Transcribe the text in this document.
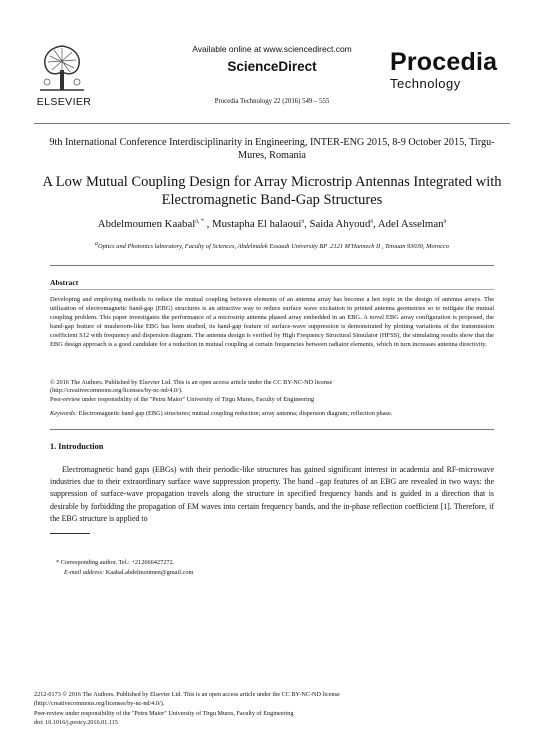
ELSEVIER
Available online at www.sciencedirect.com
ScienceDirect
Procedia Technology 22 (2016) 549 – 555
Procedia
Technology
9th International Conference Interdisciplinarity in Engineering, INTER-ENG 2015, 8-9 October 2015, Tirgu-Mures, Romania
A Low Mutual Coupling Design for Array Microstrip Antennas Integrated with Electromagnetic Band-Gap Structures
Abdelmoumen Kaabal$^{a, *}$ , Mustapha El halaoui$^a$, Saida Ahyoud$^a$, Adel Asselman$^a$
$^a$Optics and Photonics laboratory, Faculty of Sciences, Abdelmalek Essaadi University BP .2121 M'Hannech II , Tetouan 93030, Morocco
Abstract
Developing and employing methods to reduce the mutual coupling between elements of an antenna array has become a hot topic in the design of antenna arrays. The utilization of electromagnetic band-gap (EBG) structures is an attractive way to reduce surface wave excitation in printed antenna geometries so to mitigate the mutual coupling problem. This paper investigates the performance of a microstrip antenna phased array embedded in an EBG. A novel EBG array configuration is proposed, the band-gap feature of mushroom-like EBG has been studied, its band-gap feature of surface-wave suppression is demonstrated by plotting variations of the transmission coefficient S12 with frequency and dispersion diagram. The antenna design is verified by High Frequency Structural Simulator (HFSS), the simulating results show that the EBG design approach is a good candidate for a reduction in mutual coupling at certain frequencies between radiator elements, which in turn increases antenna directivity.
© 2016 The Authors. Published by Elsevier Ltd. This is an open access article under the CC BY-NC-ND license
(http://creativecommons.org/licenses/by-nc-nd/4.0/).
Peer-review under responsibility of the "Petru Maior" University of Tirgu Mures, Faculty of Engineering
Keywords: Electromagnetic band gap (EBG) structures; mutual coupling reduction; array antenna; dispersion diagram; reflection phase.
1. Introduction
Electromagnetic band gaps (EBGs) with their periodic-like structures has gained significant interest in academia and RF-microwave industries due to their extraordinary surface wave suppression property. The band –gap features of an EBG are revealed in two ways: the suppression of surface-wave propagation travels along the structure in specified frequency bands and is guided in a direction that is desirable by forbidding the propagation of EM waves into certain frequency bands, and the in-phase reflection coefficient [1]. Therefore, if the EBG structure is applied to
* Corresponding author. Tel.: +212666427272.
E-mail address: Kaabal.abdelmoumen@gmail.com
2212-0173 © 2016 The Authors. Published by Elsevier Ltd. This is an open access article under the CC BY-NC-ND license
(http://creativecommons.org/licenses/by-nc-nd/4.0/).
Peer-review under responsibility of the "Petru Maior" University of Tirgu Mures, Faculty of Engineering
doi: 10.1016/j.protcy.2016.01.115
